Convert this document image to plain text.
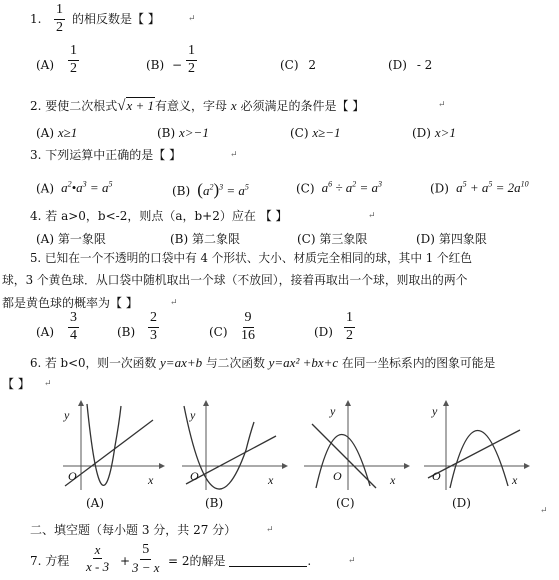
1. $\frac{1}{2}$ 的相反数是【 】	↵
$(A) \frac{1}{2}$	$(B) - \frac{1}{2}$	(C) 2	(D) - 2
2. 要使二次根式√x + 1有意义，字母 x 必须满足的条件是【 】	↵
(A) x≥1	(B) x>−1	(C) x≥−1	(D) x>1
3. 下列运算中正确的是【 】	↵
(A)  $a^2•a^3 = a^5$	(B) $(a^2)^3 = a^5$	(C)  $a^6 \div a^2 = a^3$	(D)  $a^5 + a^5 = 2a^{10}$
4. 若 a>0，b<-2，则点（a，b+2）应在 【 】	↵
(A) 第一象限	(B) 第二象限	(C) 第三象限	(D) 第四象限
5. 已知在一个不透明的口袋中有 4 个形状、大小、材质完全相同的球，其中 1 个红色
球，3 个黄色球．从口袋中随机取出一个球（不放回），接着再取出一个球，则取出的两个
都是黄色球的概率为【 】	↵
$(A) \frac{3}{4}$	$(B) \frac{2}{3}$	$(C) \frac{9}{16}$	$(D) \frac{1}{2}$
6. 若 b<0，则一次函数 y=ax+b 与二次函数 y=ax² +bx+c 在同一坐标系内的图象可能是
【 】 ↵
y
O	x
(A)
y
O	x
(B)
y
O	x
(C)
y
O	x
(D)
↵
二、填空题（每小题 3 分，共 27 分）	↵
7. 方程 $\frac{x}{x - 3} + \frac{5}{3 - x} = 2$的解是	.	↵
